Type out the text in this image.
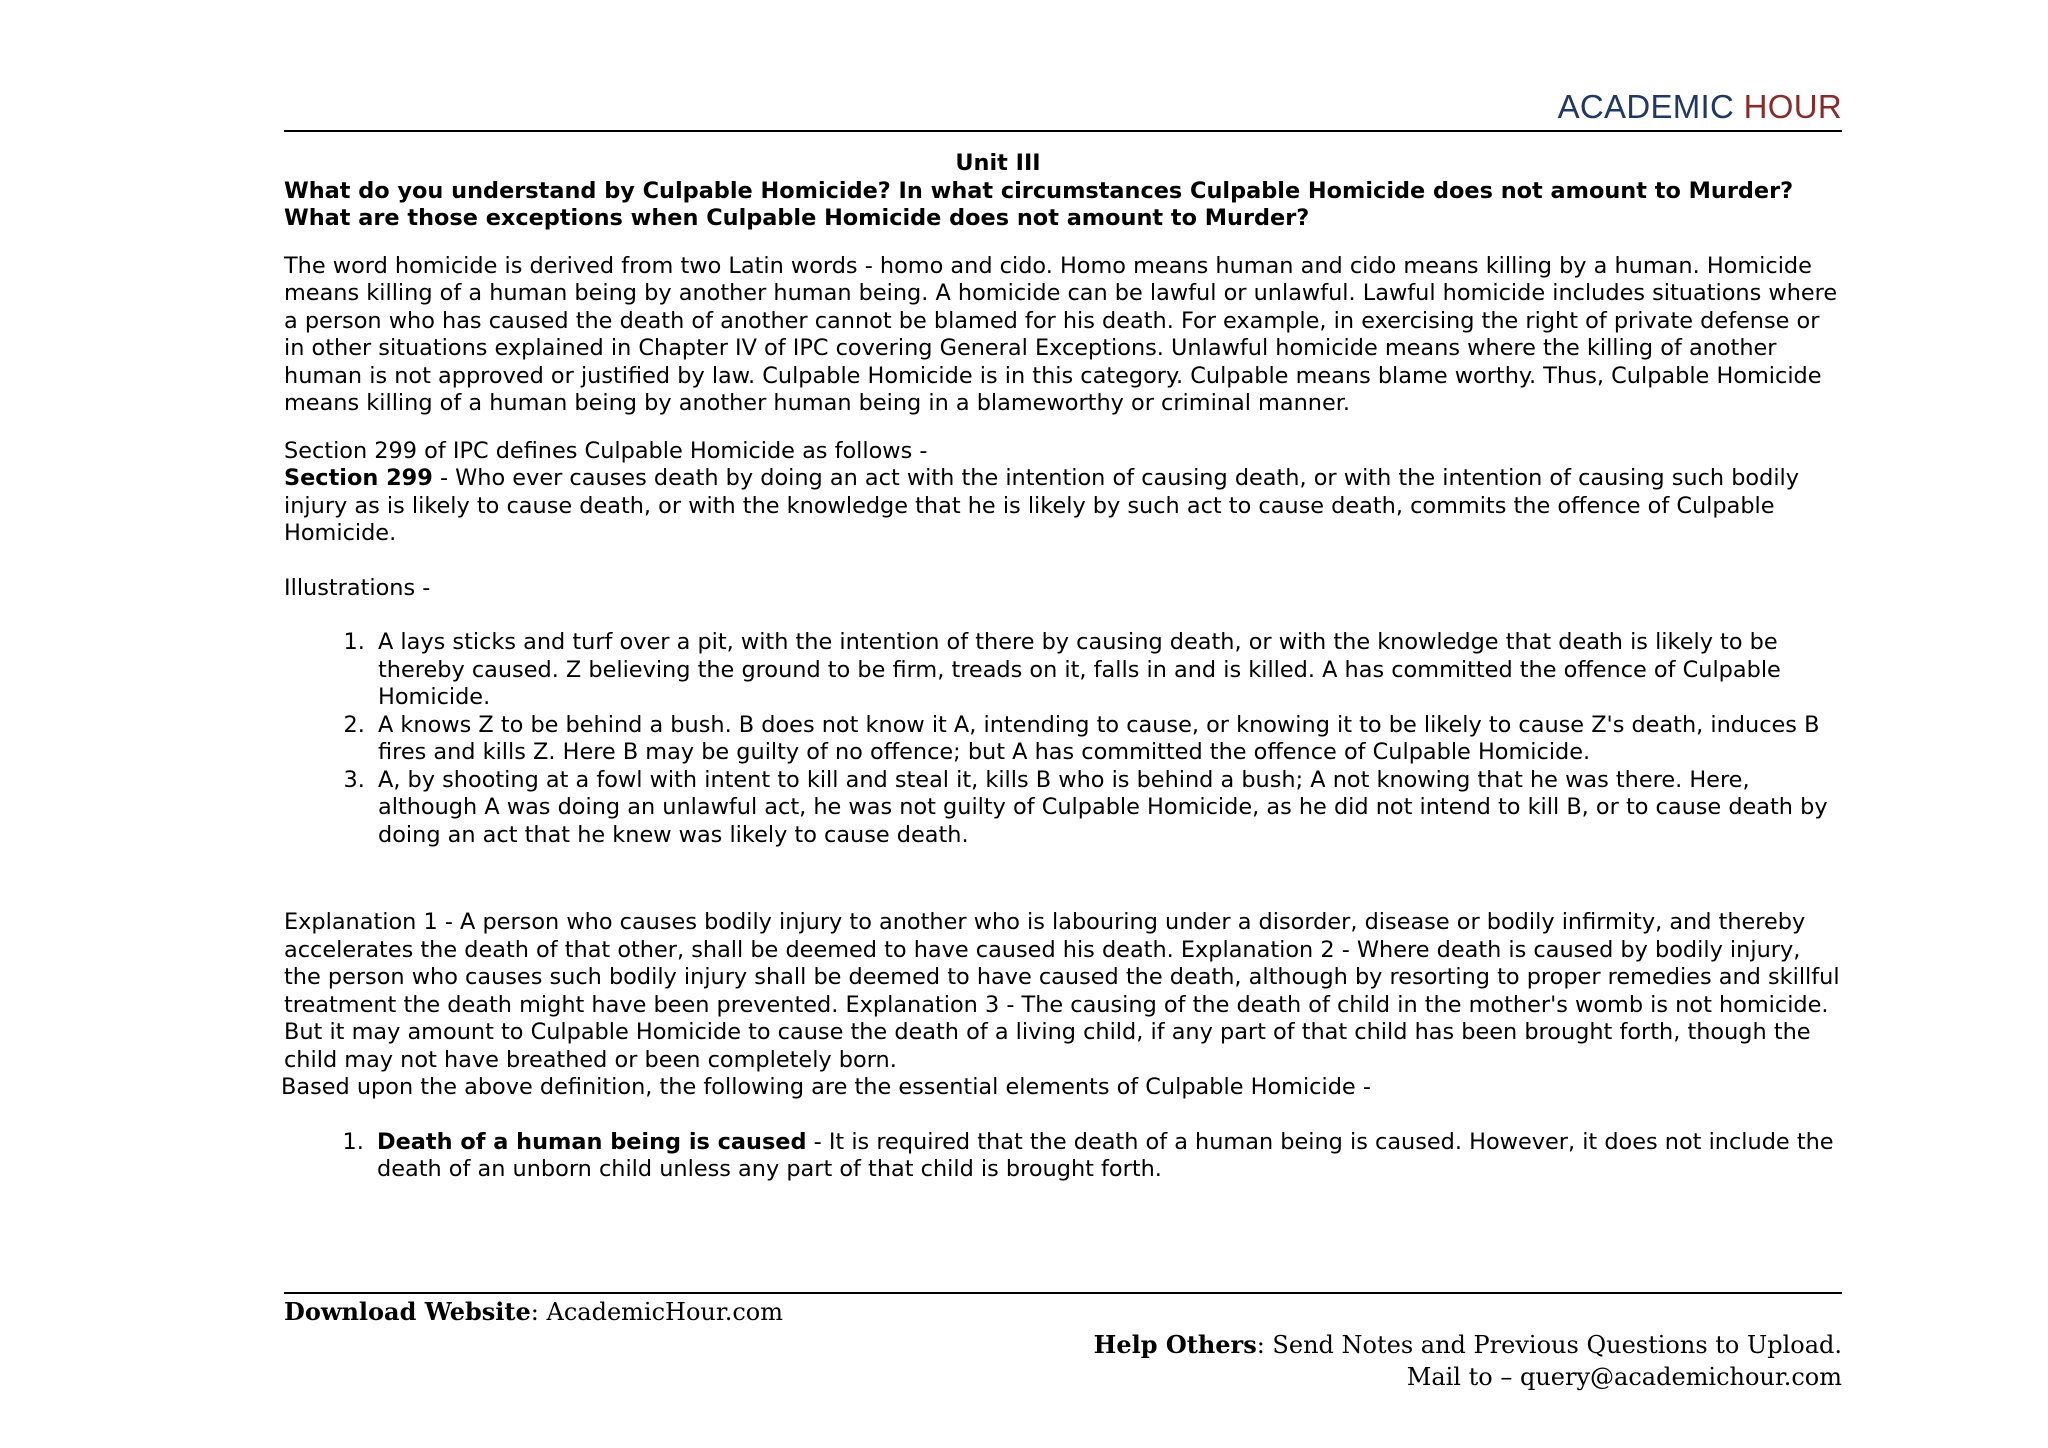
ACADEMIC HOUR
Unit III
What do you understand by Culpable Homicide? In what circumstances Culpable Homicide does not amount to Murder? What are those exceptions when Culpable Homicide does not amount to Murder?

The word homicide is derived from two Latin words - homo and cido. Homo means human and cido means killing by a human. Homicide means killing of a human being by another human being. A homicide can be lawful or unlawful. Lawful homicide includes situations where a person who has caused the death of another cannot be blamed for his death. For example, in exercising the right of private defense or in other situations explained in Chapter IV of IPC covering General Exceptions. Unlawful homicide means where the killing of another human is not approved or justified by law. Culpable Homicide is in this category. Culpable means blame worthy. Thus, Culpable Homicide means killing of a human being by another human being in a blameworthy or criminal manner.

Section 299 of IPC defines Culpable Homicide as follows -

Section 299 - Who ever causes death by doing an act with the intention of causing death, or with the intention of causing such bodily injury as is likely to cause death, or with the knowledge that he is likely by such act to cause death, commits the offence of Culpable Homicide.

Illustrations -

1. A lays sticks and turf over a pit, with the intention of there by causing death, or with the knowledge that death is likely to be thereby caused. Z believing the ground to be firm, treads on it, falls in and is killed. A has committed the offence of Culpable Homicide.
2. A knows Z to be behind a bush. B does not know it A, intending to cause, or knowing it to be likely to cause Z's death, induces B fires and kills Z. Here B may be guilty of no offence; but A has committed the offence of Culpable Homicide.
3. A, by shooting at a fowl with intent to kill and steal it, kills B who is behind a bush; A not knowing that he was there. Here, although A was doing an unlawful act, he was not guilty of Culpable Homicide, as he did not intend to kill B, or to cause death by doing an act that he knew was likely to cause death.

Explanation 1 - A person who causes bodily injury to another who is labouring under a disorder, disease or bodily infirmity, and thereby accelerates the death of that other, shall be deemed to have caused his death. Explanation 2 - Where death is caused by bodily injury, the person who causes such bodily injury shall be deemed to have caused the death, although by resorting to proper remedies and skillful treatment the death might have been prevented. Explanation 3 - The causing of the death of child in the mother's womb is not homicide. But it may amount to Culpable Homicide to cause the death of a living child, if any part of that child has been brought forth, though the child may not have breathed or been completely born.

Based upon the above definition, the following are the essential elements of Culpable Homicide -

1. Death of a human being is caused - It is required that the death of a human being is caused. However, it does not include the death of an unborn child unless any part of that child is brought forth.
Download Website: AcademicHour.com
Help Others: Send Notes and Previous Questions to Upload.
Mail to – query@academichour.com
